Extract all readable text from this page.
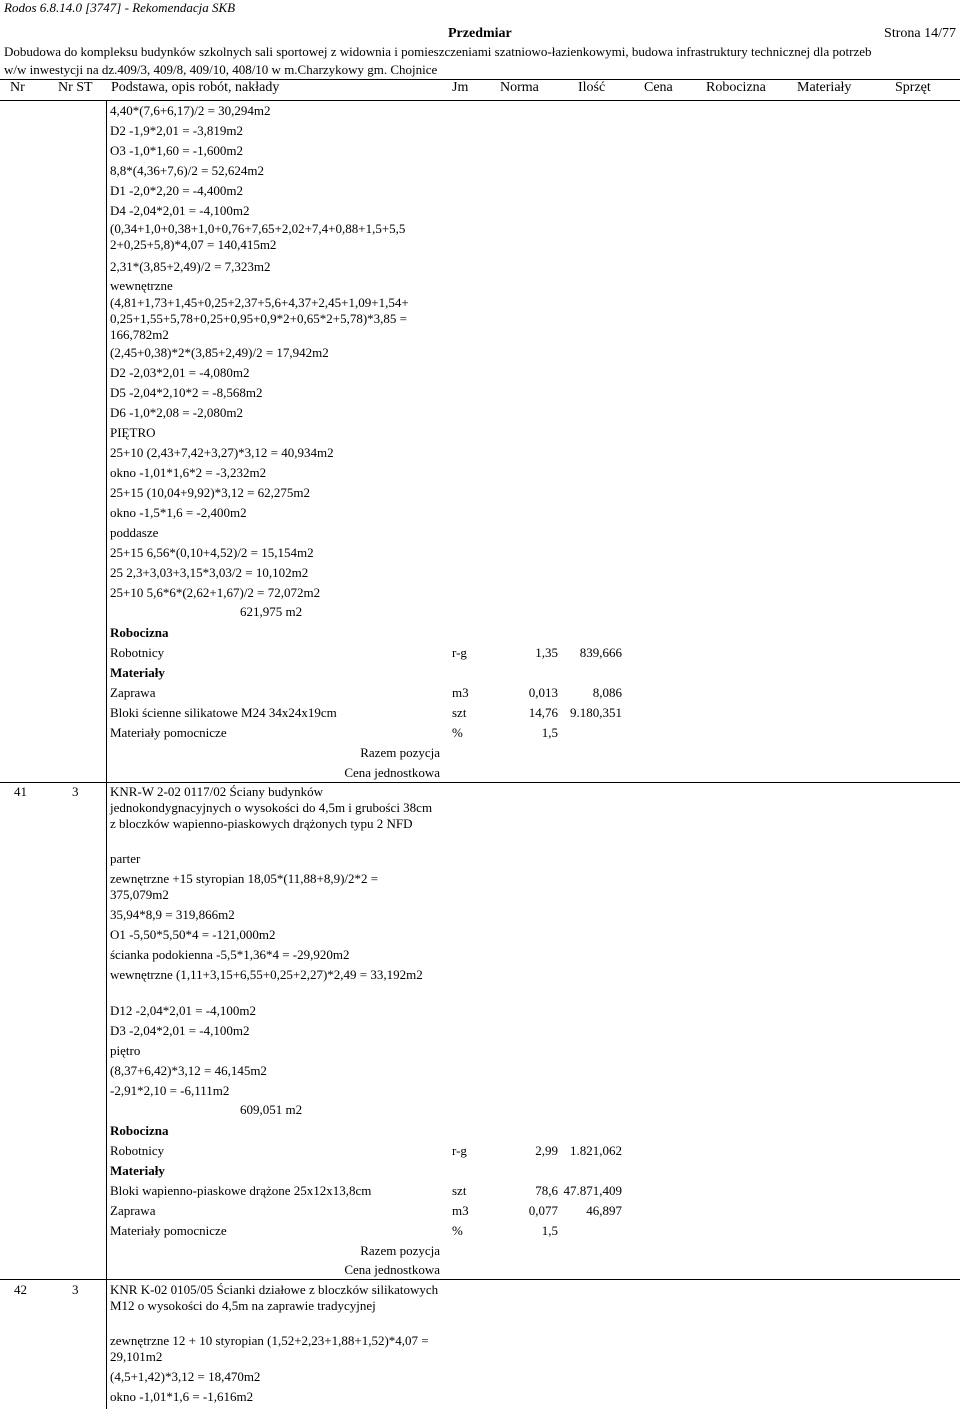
Rodos 6.8.14.0 [3747] - Rekomendacja SKB
Przedmiar	Strona 14/77
Dobudowa do kompleksu budynków szkolnych sali sportowej z widownia i pomieszczeniami szatniowo-łazienkowymi, budowa infrastruktury technicznej dla potrzeb
w/w inwestycji na dz.409/3, 409/8, 409/10, 408/10 w m.Charzykowy gm. Chojnice
Nr Nr ST Podstawa, opis robót, nakłady	Jm Norma	Ilość	Cena Robocizna Materiały	Sprzęt
4,40*(7,6+6,17)/2 = 30,294m2
D2 -1,9*2,01 = -3,819m2
O3 -1,0*1,60 = -1,600m2
8,8*(4,36+7,6)/2 = 52,624m2
D1 -2,0*2,20 = -4,400m2
D4 -2,04*2,01 = -4,100m2
(0,34+1,0+0,38+1,0+0,76+7,65+2,02+7,4+0,88+1,5+5,5 2+0,25+5,8)*4,07 = 140,415m2
2,31*(3,85+2,49)/2 = 7,323m2
wewnętrzne
(4,81+1,73+1,45+0,25+2,37+5,6+4,37+2,45+1,09+1,54+ 0,25+1,55+5,78+0,25+0,95+0,9*2+0,65*2+5,78)*3,85 = 166,782m2
(2,45+0,38)*2*(3,85+2,49)/2 = 17,942m2
D2 -2,03*2,01 = -4,080m2
D5 -2,04*2,10*2 = -8,568m2
D6 -1,0*2,08 = -2,080m2
PIĘTRO
25+10 (2,43+7,42+3,27)*3,12 = 40,934m2
okno -1,01*1,6*2 = -3,232m2
25+15 (10,04+9,92)*3,12 = 62,275m2
okno -1,5*1,6 = -2,400m2
poddasze
25+15 6,56*(0,10+4,52)/2 = 15,154m2
25 2,3+3,03+3,15*3,03/2 = 10,102m2
25+10 5,6*6*(2,62+1,67)/2 = 72,072m2
621,975 m2
Robocizna
Robotnicy	r-g	1,35 839,666
Materiały
Zaprawa	m3	0,013	8,086
Bloki ścienne silikatowe M24 34x24x19cm	szt	14,76 9.180,351
Materiały pomocnicze	%	1,5
Razem pozycja
Cena jednostkowa
41	3 KNR-W 2-02 0117/02 Ściany budynków jednokondygnacyjnych o wysokości do 4,5m i grubości 38cm z bloczków wapienno-piaskowych drążonych typu 2 NFD
parter
zewnętrzne +15 styropian 18,05*(11,88+8,9)/2*2 = 375,079m2
35,94*8,9 = 319,866m2
O1 -5,50*5,50*4 = -121,000m2
ścianka podokienna -5,5*1,36*4 = -29,920m2
wewnętrzne (1,11+3,15+6,55+0,25+2,27)*2,49 = 33,192m2
D12 -2,04*2,01 = -4,100m2
D3 -2,04*2,01 = -4,100m2
piętro
(8,37+6,42)*3,12 = 46,145m2
-2,91*2,10 = -6,111m2
609,051 m2
Robocizna
Robotnicy	r-g	2,99 1.821,062
Materiały
Bloki wapienno-piaskowe drążone 25x12x13,8cm	szt	78,6 47.871,409
Zaprawa	m3	0,077 46,897
Materiały pomocnicze	%	1,5
Razem pozycja
Cena jednostkowa
42	3 KNR K-02 0105/05 Ścianki działowe z bloczków silikatowych M12 o wysokości do 4,5m na zaprawie tradycyjnej
zewnętrzne 12 + 10 styropian (1,52+2,23+1,88+1,52)*4,07 = 29,101m2
(4,5+1,42)*3,12 = 18,470m2
okno -1,01*1,6 = -1,616m2
